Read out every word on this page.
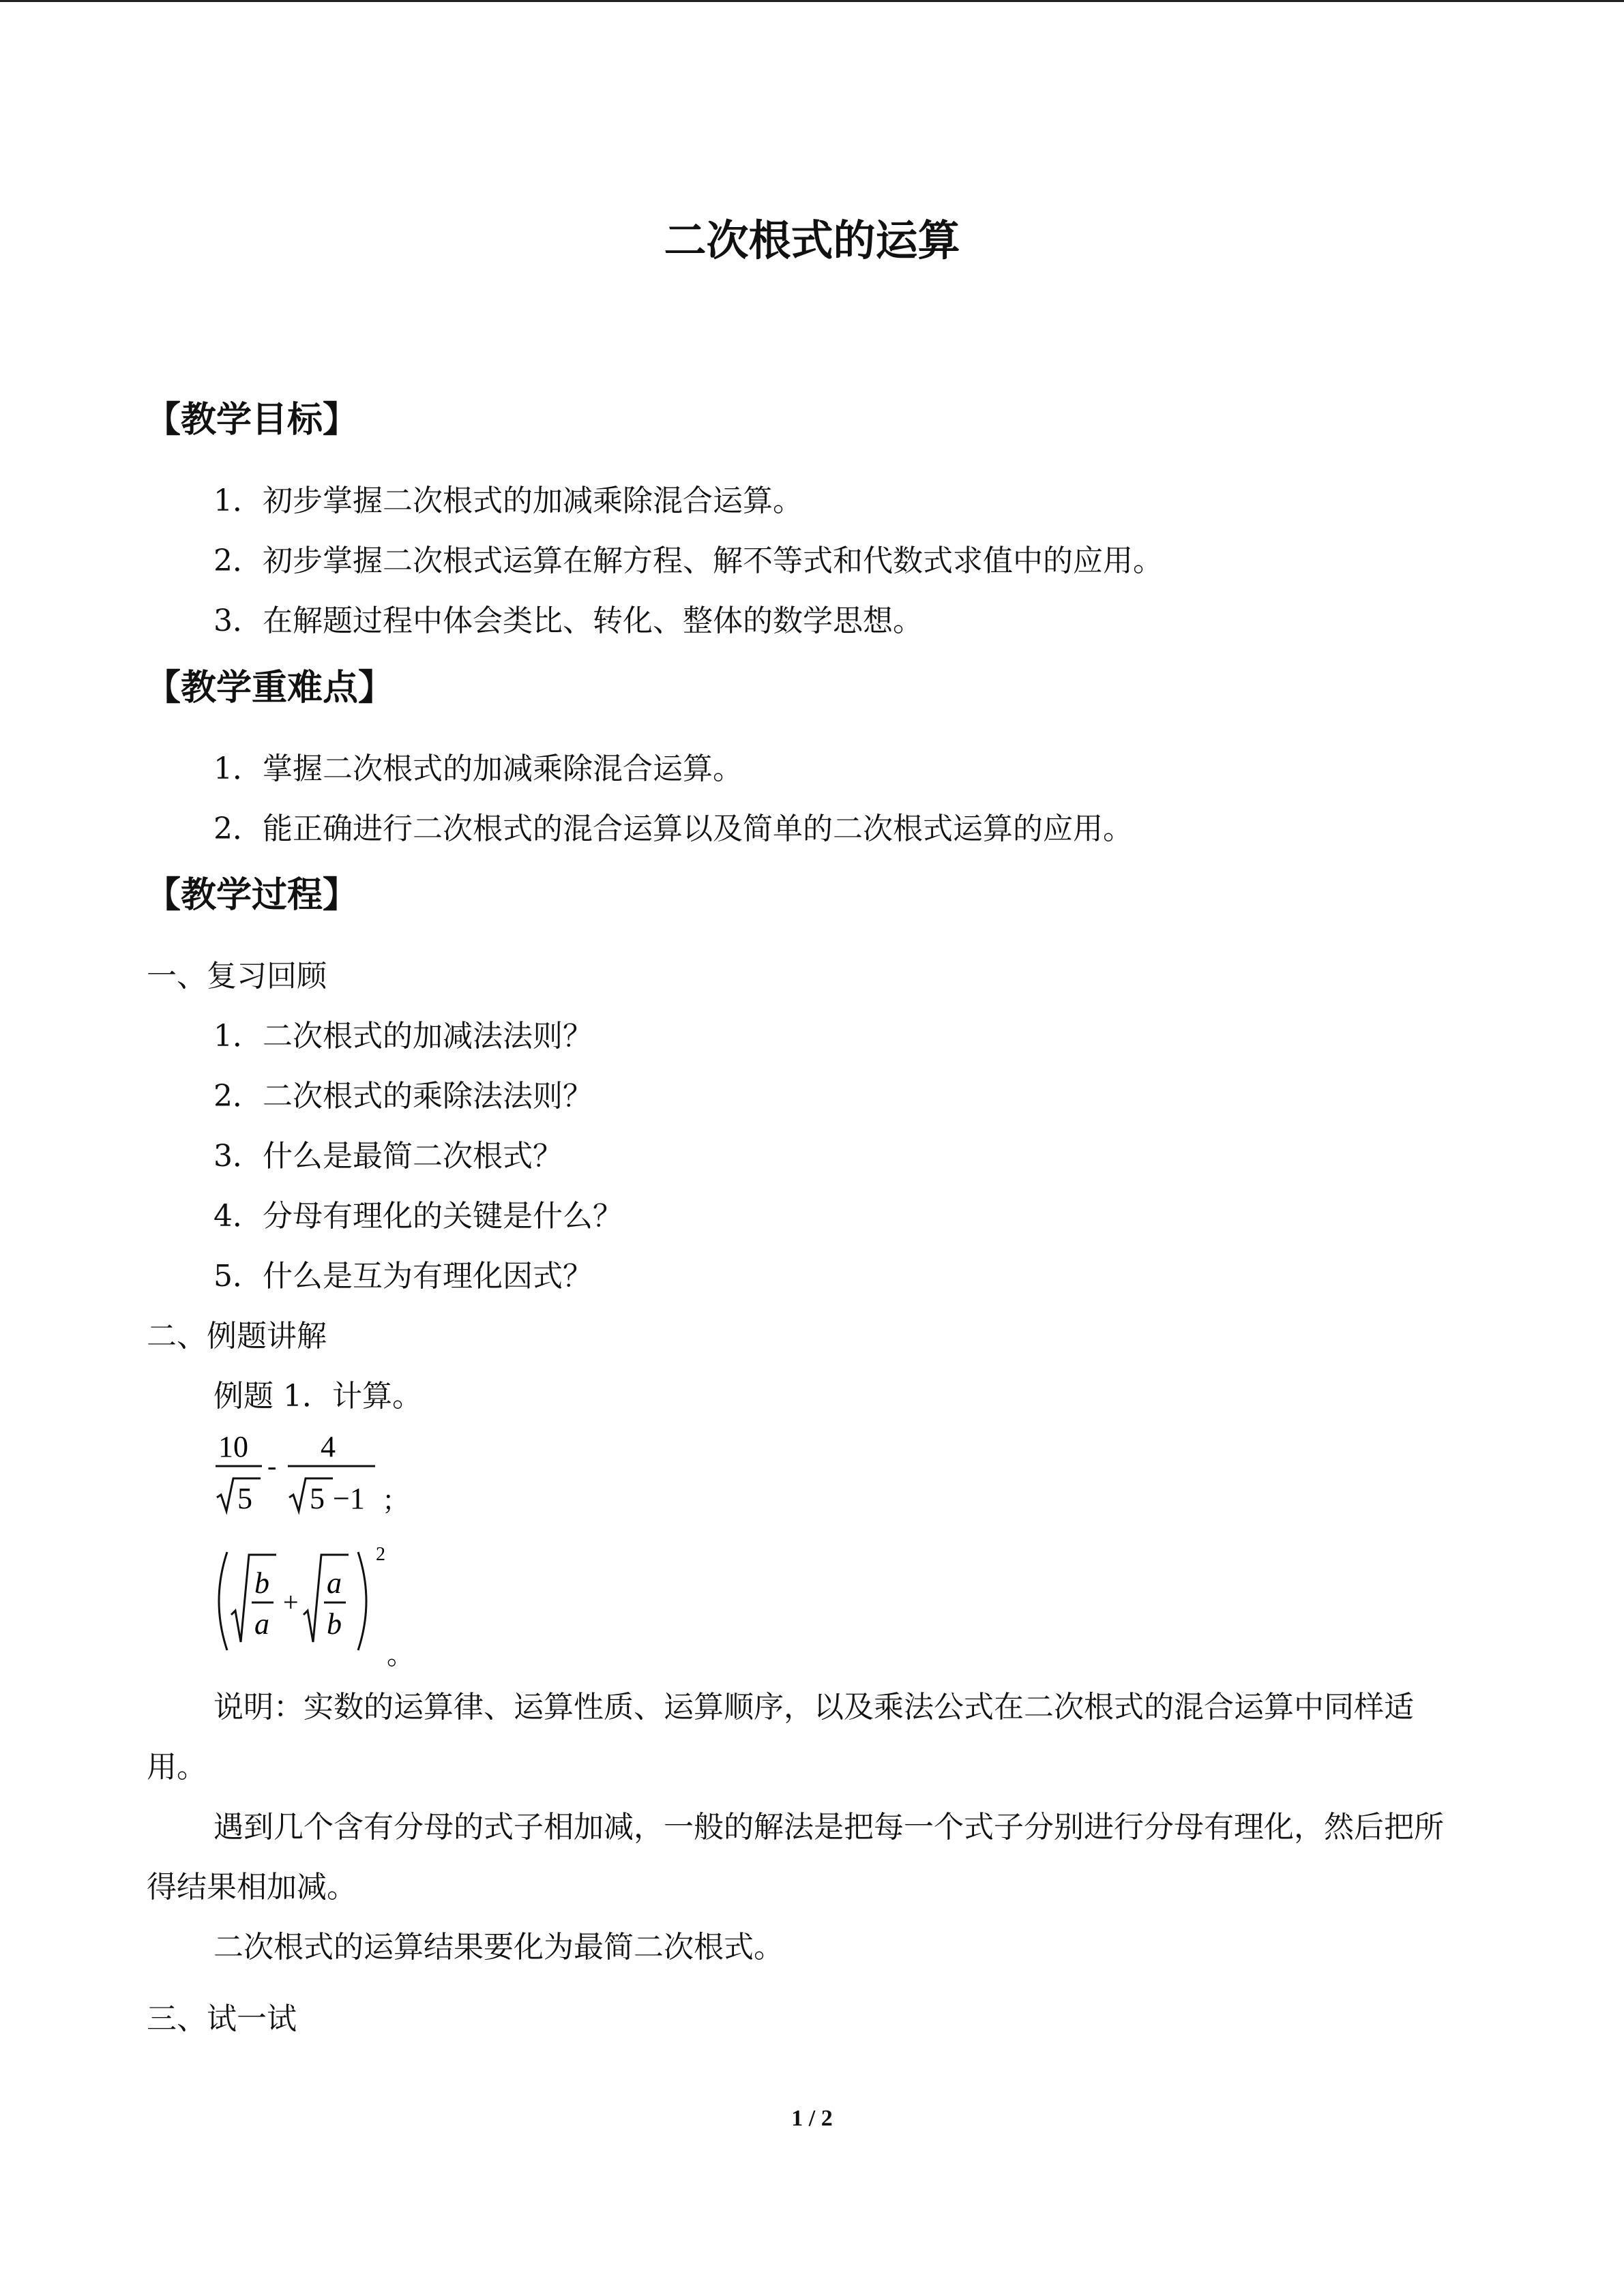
二次根式的运算
【教学目标】
1．初步掌握二次根式的加减乘除混合运算。
2．初步掌握二次根式运算在解方程、解不等式和代数式求值中的应用。
3．在解题过程中体会类比、转化、整体的数学思想。
【教学重难点】
1．掌握二次根式的加减乘除混合运算。
2．能正确进行二次根式的混合运算以及简单的二次根式运算的应用。
【教学过程】
一、复习回顾
1．二次根式的加减法法则？
2．二次根式的乘除法法则？
3．什么是最简二次根式？
4．分母有理化的关键是什么？
5．什么是互为有理化因式？
二、例题讲解
例题 1．计算。
10
5
-
4
5 −1 ；
b
a
+
a
b
2
。
说明：实数的运算律、运算性质、运算顺序，以及乘法公式在二次根式的混合运算中同样适用。
遇到几个含有分母的式子相加减，一般的解法是把每一个式子分别进行分母有理化，然后把所得结果相加减。
二次根式的运算结果要化为最简二次根式。
三、试一试
1 / 2
